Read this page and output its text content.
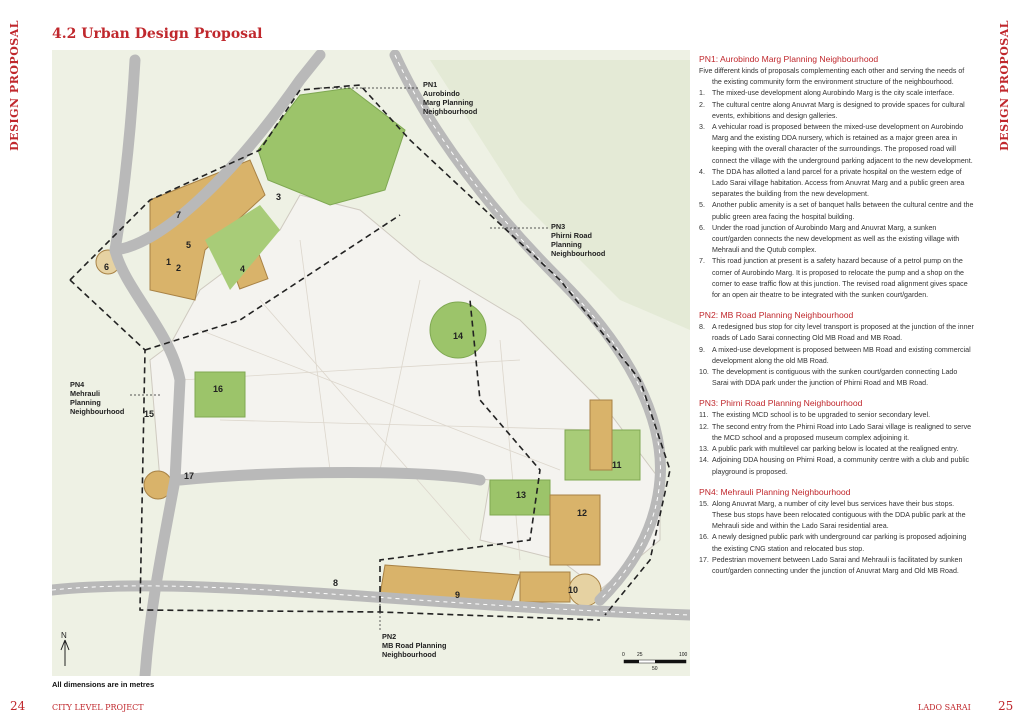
DESIGN PROPOSAL	DESIGN PROPOSAL
4.2 Urban Design Proposal
1
2
3
4
5
6
7
8
9	10
11
12
13
14
15
16
17
N
0 25
50
100
PN1
Aurobindo
Marg Planning
Neighbourhood
PN3
Phirni Road
Planning
Neighbourhood
PN4
Mehrauli
Planning
Neighbourhood
PN2
MB Road Planning
Neighbourhood
All dimensions are in metres
PN1: Aurobindo Marg Planning Neighbourhood
Five different kinds of proposals complementing each other and serving the needs of the existing community form the environment structure of the neighbourhood.
1. The mixed-use development along Aurobindo Marg is the city scale interface.
2. The cultural centre along Anuvrat Marg is designed to provide spaces for cultural events, exhibitions and design galleries.
3. A vehicular road is proposed between the mixed-use development on Aurobindo Marg and the existing DDA nursery, which is retained as a major green area in keeping with the overall character of the surroundings. The proposed road will connect the village with the underground parking adjacent to the new development.
4. The DDA has allotted a land parcel for a private hospital on the western edge of Lado Sarai village habitation. Access from Anuvrat Marg and a public green area separates the building from the new development.
5. Another public amenity is a set of banquet halls between the cultural centre and the public green area facing the hospital building.
6. Under the road junction of Aurobindo Marg and Anuvrat Marg, a sunken court/garden connects the new development as well as the existing village with Mehrauli and the Qutub complex.
7. This road junction at present is a safety hazard because of a petrol pump on the corner of Aurobindo Marg. It is proposed to relocate the pump and a shop on the corner to ease traffic flow at this junction. The revised road alignment gives space for an open air theatre to be integrated with the sunken court/garden.
PN2: MB Road Planning Neighbourhood
8. A redesigned bus stop for city level transport is proposed at the junction of the inner roads of Lado Sarai connecting Old MB Road and MB Road.
9. A mixed-use development is proposed between MB Road and existing commercial development along the old MB Road.
10. The development is contiguous with the sunken court/garden connecting Lado Sarai with DDA park under the junction of Phirni Road and MB Road.
PN3: Phirni Road Planning Neighbourhood
11. The existing MCD school is to be upgraded to senior secondary level.
12. The second entry from the Phirni Road into Lado Sarai village is realigned to serve the MCD school and a proposed museum complex adjoining it.
13. A public park with multilevel car parking below is located at the realigned entry.
14. Adjoining DDA housing on Phirni Road, a community centre with a club and public playground is proposed.
PN4: Mehrauli Planning Neighbourhood
15. Along Anuvrat Marg, a number of city level bus services have their bus stops. These bus stops have been relocated contiguous with the DDA public park at the Mehrauli side and within the Lado Sarai residential area.
16. A newly designed public park with underground car parking is proposed adjoining the existing CNG station and relocated bus stop.
17. Pedestrian movement between Lado Sarai and Mehrauli is facilitated by sunken court/garden connecting under the junction of Anuvrat Marg and Old MB Road.
24	CITY LEVEL PROJECT	LADO SARAI 25
